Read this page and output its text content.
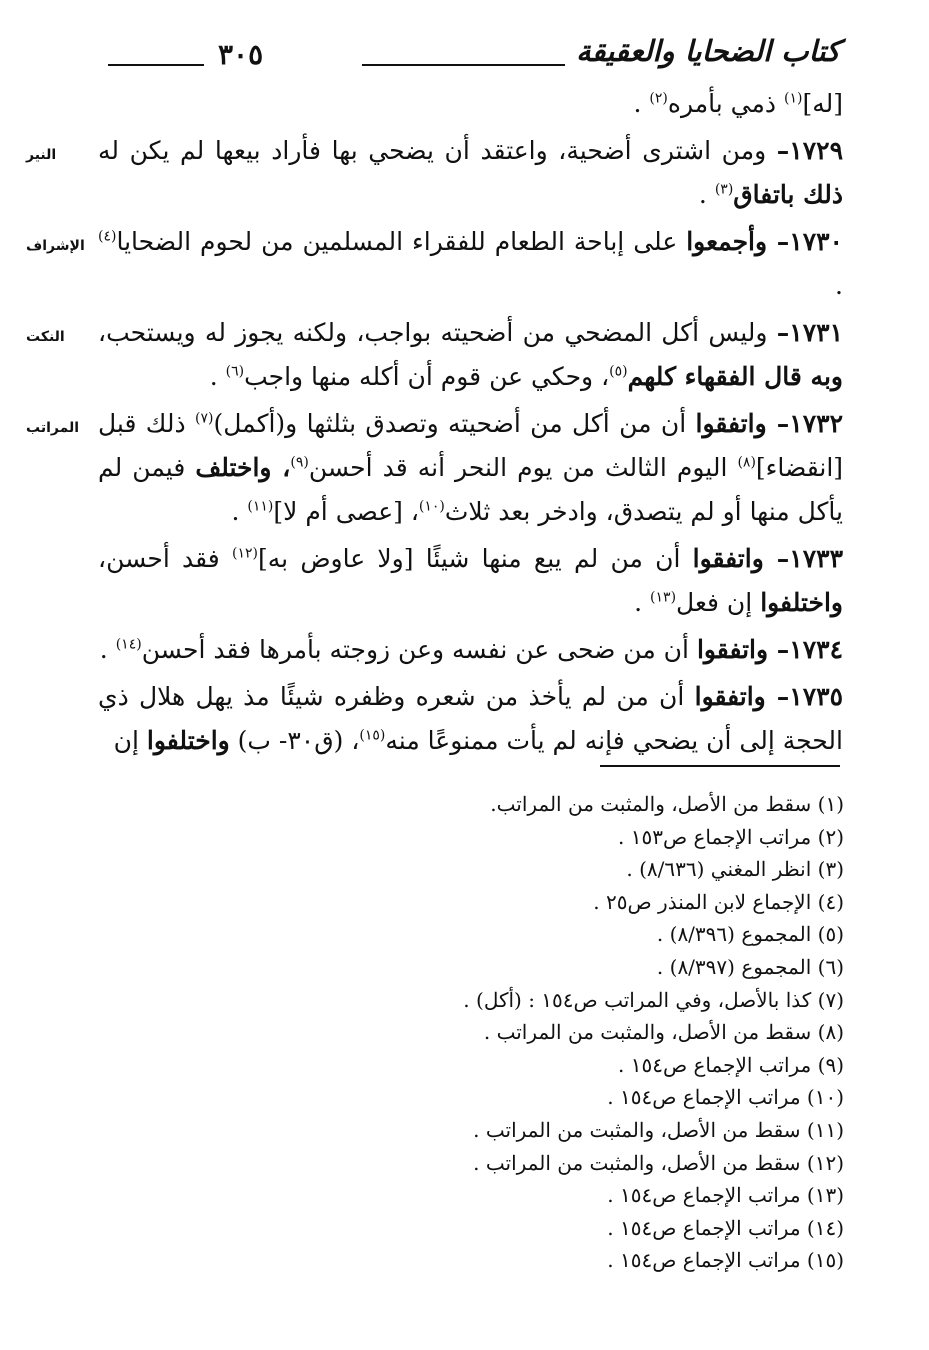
كتاب الضحايا والعقيقة
٣٠٥

[له]$^{(١)}$ ذمي بأمره$^{(٢)}$ .

النير	١٧٢٩– ومن اشترى أضحية، واعتقد أن يضحي بها فأراد بيعها لم يكن له ذلك باتفاق$^{(٣)}$ .

الإشراف	١٧٣٠– وأجمعوا على إباحة الطعام للفقراء المسلمين من لحوم الضحايا$^{(٤)}$ .

النكت	١٧٣١– وليس أكل المضحي من أضحيته بواجب، ولكنه يجوز له ويستحب، وبه قال الفقهاء كلهم$^{(٥)}$، وحكي عن قوم أن أكله منها واجب$^{(٦)}$ .

المراتب	١٧٣٢– واتفقوا أن من أكل من أضحيته وتصدق بثلثها و(أكمل)$^{(٧)}$ ذلك قبل [انقضاء]$^{(٨)}$ اليوم الثالث من يوم النحر أنه قد أحسن$^{(٩)}$، واختلف فيمن لم يأكل منها أو لم يتصدق، وادخر بعد ثلاث$^{(١٠)}$، [عصى أم لا]$^{(١١)}$ .

١٧٣٣– واتفقوا أن من لم يبع منها شيئًا [ولا عاوض به]$^{(١٢)}$ فقد أحسن، واختلفوا إن فعل$^{(١٣)}$ .

١٧٣٤– واتفقوا أن من ضحى عن نفسه وعن زوجته بأمرها فقد أحسن$^{(١٤)}$ .

١٧٣٥– واتفقوا أن من لم يأخذ من شعره وظفره شيئًا مذ يهل هلال ذي الحجة إلى أن يضحي فإنه لم يأت ممنوعًا منه$^{(١٥)}$، (ق٣٠- ب) واختلفوا إن

(١) سقط من الأصل، والمثبت من المراتب.
(٢) مراتب الإجماع ص١٥٣ .
(٣) انظر المغني (٨/٦٣٦) .
(٤) الإجماع لابن المنذر ص٢٥ .
(٥) المجموع (٨/٣٩٦) .
(٦) المجموع (٨/٣٩٧) .
(٧) كذا بالأصل، وفي المراتب ص١٥٤ : (أكل) .
(٨) سقط من الأصل، والمثبت من المراتب .
(٩) مراتب الإجماع ص١٥٤ .
(١٠) مراتب الإجماع ص١٥٤ .
(١١) سقط من الأصل، والمثبت من المراتب .
(١٢) سقط من الأصل، والمثبت من المراتب .
(١٣) مراتب الإجماع ص١٥٤ .
(١٤) مراتب الإجماع ص١٥٤ .
(١٥) مراتب الإجماع ص١٥٤ .
